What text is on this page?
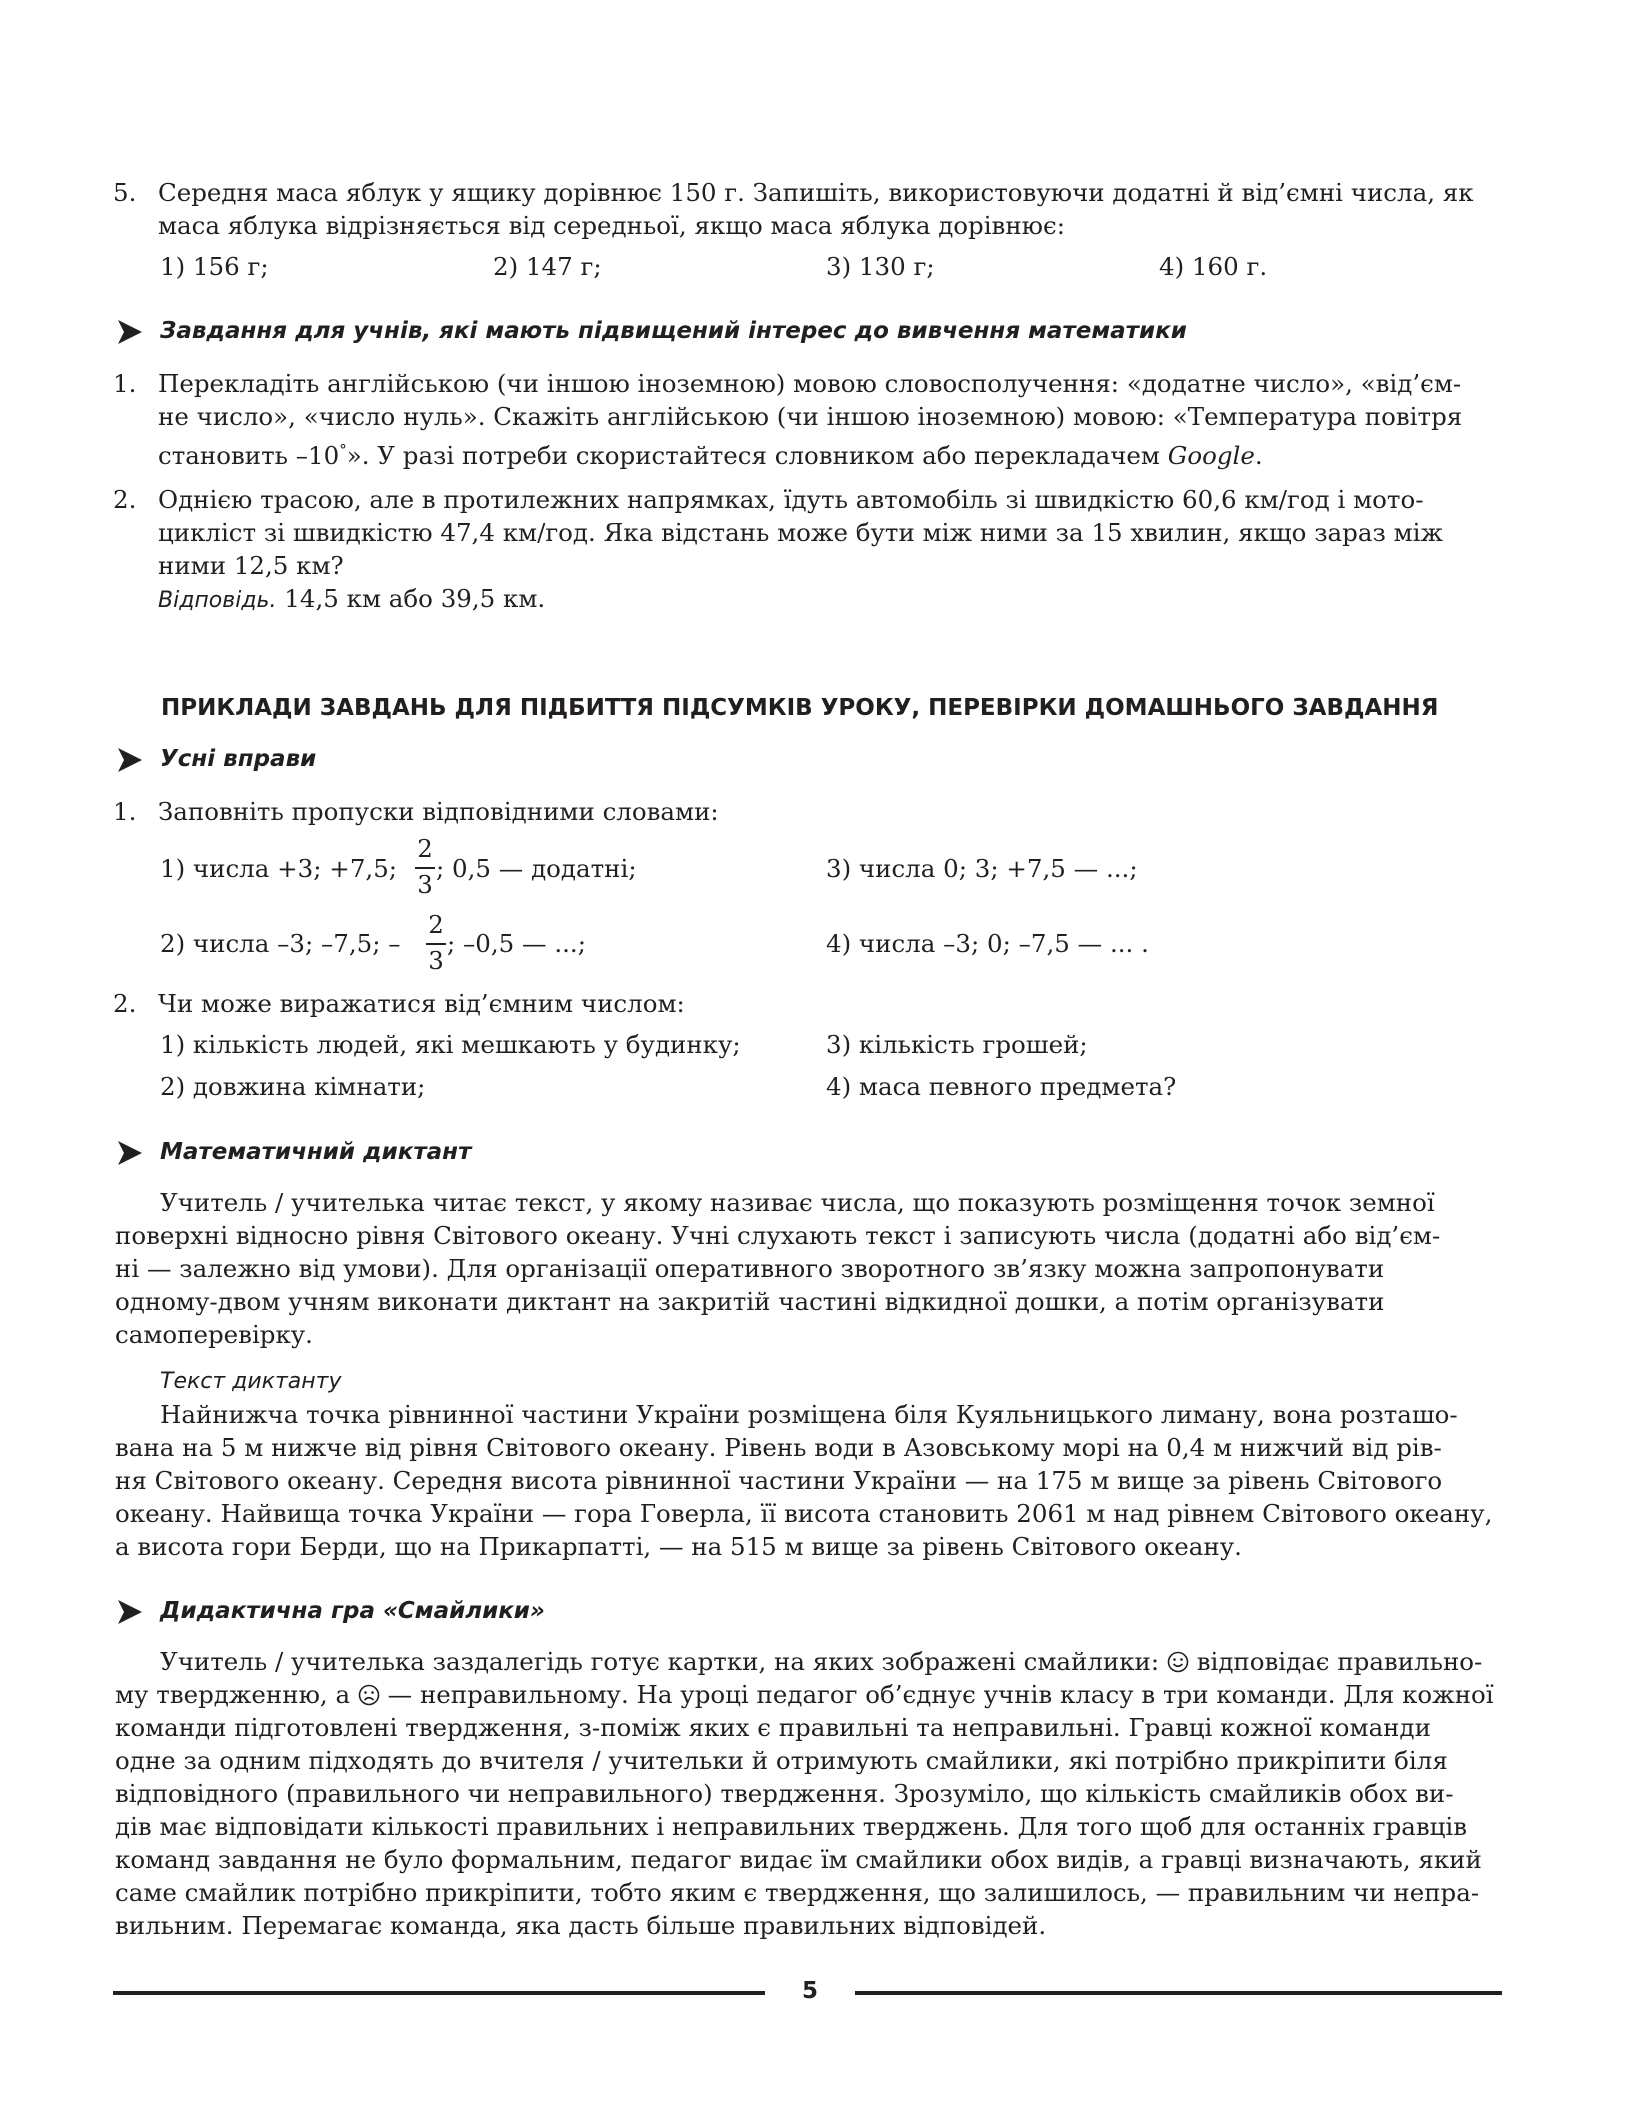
5. Середня маса яблук у ящику дорівнює 150 г. Запишіть, використовуючи додатні й від’ємні числа, як
маса яблука відрізняється від середньої, якщо маса яблука дорівнює:
1) 156 г;	2) 147 г;	3) 130 г;	4) 160 г.
Завдання для учнів, які мають підвищений інтерес до вивчення математики
1. Перекладіть англійською (чи іншою іноземною) мовою словосполучення: «додатне число», «від’єм-
не число», «число нуль». Скажіть англійською (чи іншою іноземною) мовою: «Температура повітря
становить –10°». У разі потреби скористайтеся словником або перекладачем Google.
2. Однією трасою, але в протилежних напрямках, їдуть автомобіль зі швидкістю 60,6 км/год і мото-
цикліст зі швидкістю 47,4 км/год. Яка відстань може бути між ними за 15 хвилин, якщо зараз між
ними 12,5 км?
Відповідь. 14,5 км або 39,5 км.
ПРИКЛАДИ ЗАВДАНЬ ДЛЯ ПІДБИТТЯ ПІДСУМКІВ УРОКУ, ПЕРЕВІРКИ ДОМАШНЬОГО ЗАВДАННЯ
Усні вправи
1. Заповніть пропуски відповідними словами:
1) числа +3; +7,5;
2
3
; 0,5 — додатні;	3) числа 0; 3; +7,5 — ...;
2) числа –3; –7,5; –
2
3
; –0,5 — ...;	4) числа –3; 0; –7,5 — ... .
2. Чи може виражатися від’ємним числом:
1) кількість людей, які мешкають у будинку;	3) кількість грошей;
2) довжина кімнати;	4) маса певного предмета?
Математичний диктант
Учитель / учителька читає текст, у якому називає числа, що показують розміщення точок земної
поверхні відносно рівня Світового океану. Учні слухають текст і записують числа (додатні або від’єм-
ні — залежно від умови). Для організації оперативного зворотного зв’язку можна запропонувати
одному-двом учням виконати диктант на закритій частині відкидної дошки, а потім організувати
самоперевірку.
Текст диктанту
Найнижча точка рівнинної частини України розміщена біля Куяльницького лиману, вона розташо-
вана на 5 м нижче від рівня Світового океану. Рівень води в Азовському морі на 0,4 м нижчий від рів-
ня Світового океану. Середня висота рівнинної частини України — на 175 м вище за рівень Світового
океану. Найвища точка України — гора Говерла, її висота становить 2061 м над рівнем Світового океану,
а висота гори Берди, що на Прикарпатті, — на 515 м вище за рівень Світового океану.
Дидактична гра «Смайлики»
Учитель / учителька заздалегідь готує картки, на яких зображені смайлики:  відповідає правильно-
му твердженню, а  — неправильному. На уроці педагог об’єднує учнів класу в три команди. Для кожної
команди підготовлені твердження, з-поміж яких є правильні та неправильні. Гравці кожної команди
одне за одним підходять до вчителя / учительки й отримують смайлики, які потрібно прикріпити біля
відповідного (правильного чи неправильного) твердження. Зрозуміло, що кількість смайликів обох ви-
дів має відповідати кількості правильних і неправильних тверджень. Для того щоб для останніх гравців
команд завдання не було формальним, педагог видає їм смайлики обох видів, а гравці визначають, який
саме смайлик потрібно прикріпити, тобто яким є твердження, що залишилось, — правильним чи непра-
вильним. Перемагає команда, яка дасть більше правильних відповідей.
5
